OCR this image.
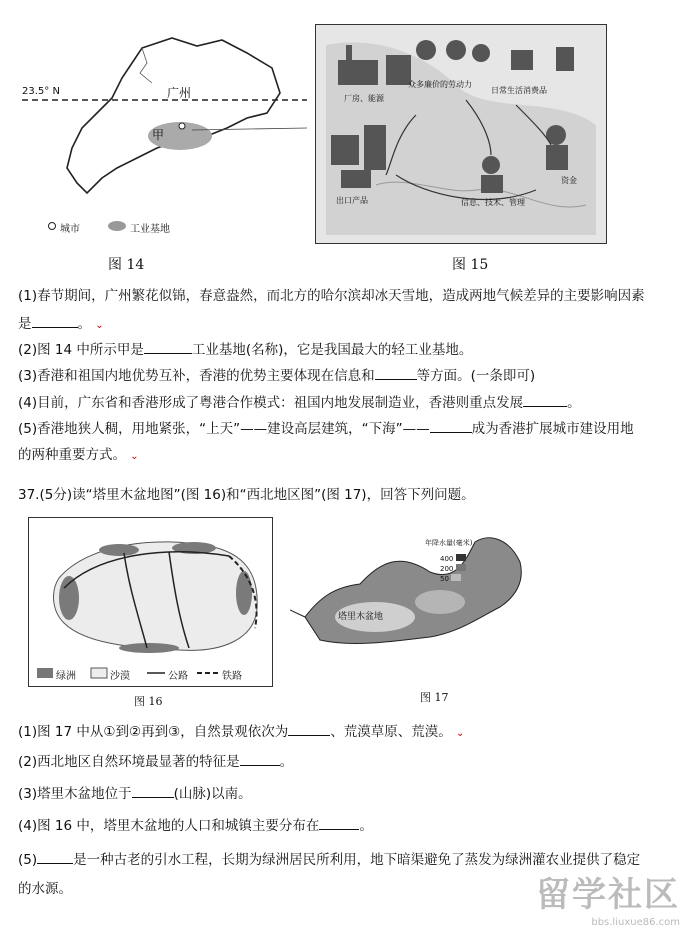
23.5° N	广州
甲
城市	工业基地
图 14
众多廉价的劳动力
日常生活消费品
厂房、能源
出口产品
资金
信息、技术、管理
图 15
(1)春节期间，广州繁花似锦，春意盎然，而北方的哈尔滨却冰天雪地，造成两地气候差异的主要影响因素
是	。 ⌄
(2)图 14 中所示甲是	工业基地(名称)，它是我国最大的轻工业基地。
(3)香港和祖国内地优势互补，香港的优势主要体现在信息和	等方面。(一条即可)
(4)目前，广东省和香港形成了粤港合作模式：祖国内地发展制造业，香港则重点发展	。
(5)香港地狭人稠，用地紧张，“上天”——建设高层建筑，“下海”——	成为香港扩展城市建设用地
的两种重要方式。 ⌄
37.(5分)读“塔里木盆地图”(图 16)和“西北地区图”(图 17)，回答下列问题。
绿洲	沙漠	公路	铁路
图 16
塔里木盆地
年降水量(毫米)
400
200
50
图 17
(1)图 17 中从①到②再到③，自然景观依次为	、荒漠草原、荒漠。 ⌄
(2)西北地区自然环境最显著的特征是	。
(3)塔里木盆地位于	(山脉)以南。
(4)图 16 中，塔里木盆地的人口和城镇主要分布在	。
(5)	是一种古老的引水工程，长期为绿洲居民所利用，地下暗渠避免了蒸发为绿洲灌农业提供了稳定
的水源。	留学社区
bbs.liuxue86.com
